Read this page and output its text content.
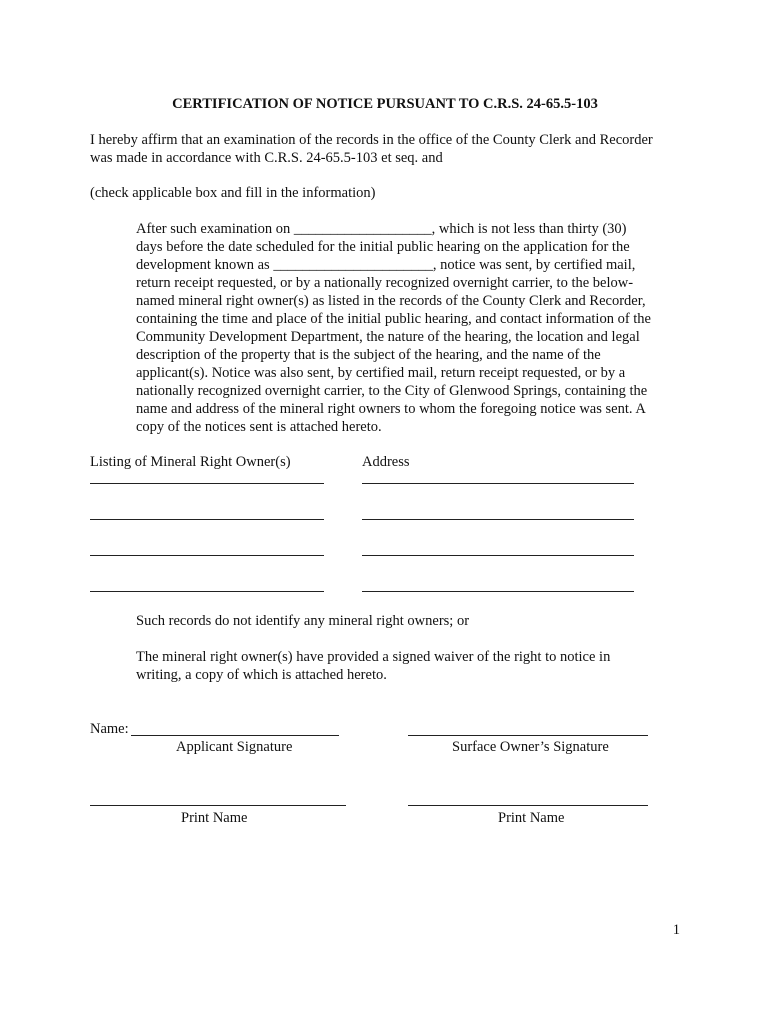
CERTIFICATION OF NOTICE PURSUANT TO C.R.S. 24-65.5-103
I hereby affirm that an examination of the records in the office of the County Clerk and Recorder
was made in accordance with C.R.S. 24-65.5-103 et seq. and
(check applicable box and fill in the information)
After such examination on ___________________, which is not less than thirty (30)
days before the date scheduled for the initial public hearing on the application for the
development known as ______________________, notice was sent, by certified mail,
return receipt requested, or by a nationally recognized overnight carrier, to the below-
named mineral right owner(s) as listed in the records of the County Clerk and Recorder,
containing the time and place of the initial public hearing, and contact information of the
Community Development Department, the nature of the hearing, the location and legal
description of the property that is the subject of the hearing, and the name of the
applicant(s). Notice was also sent, by certified mail, return receipt requested, or by a
nationally recognized overnight carrier, to the City of Glenwood Springs, containing the
name and address of the mineral right owners to whom the foregoing notice was sent. A
copy of the notices sent is attached hereto.
Listing of Mineral Right Owner(s)	Address
Such records do not identify any mineral right owners; or
The mineral right owner(s) have provided a signed waiver of the right to notice in
writing, a copy of which is attached hereto.
Name:
Applicant Signature	Surface Owner’s Signature
Print Name	Print Name
1
